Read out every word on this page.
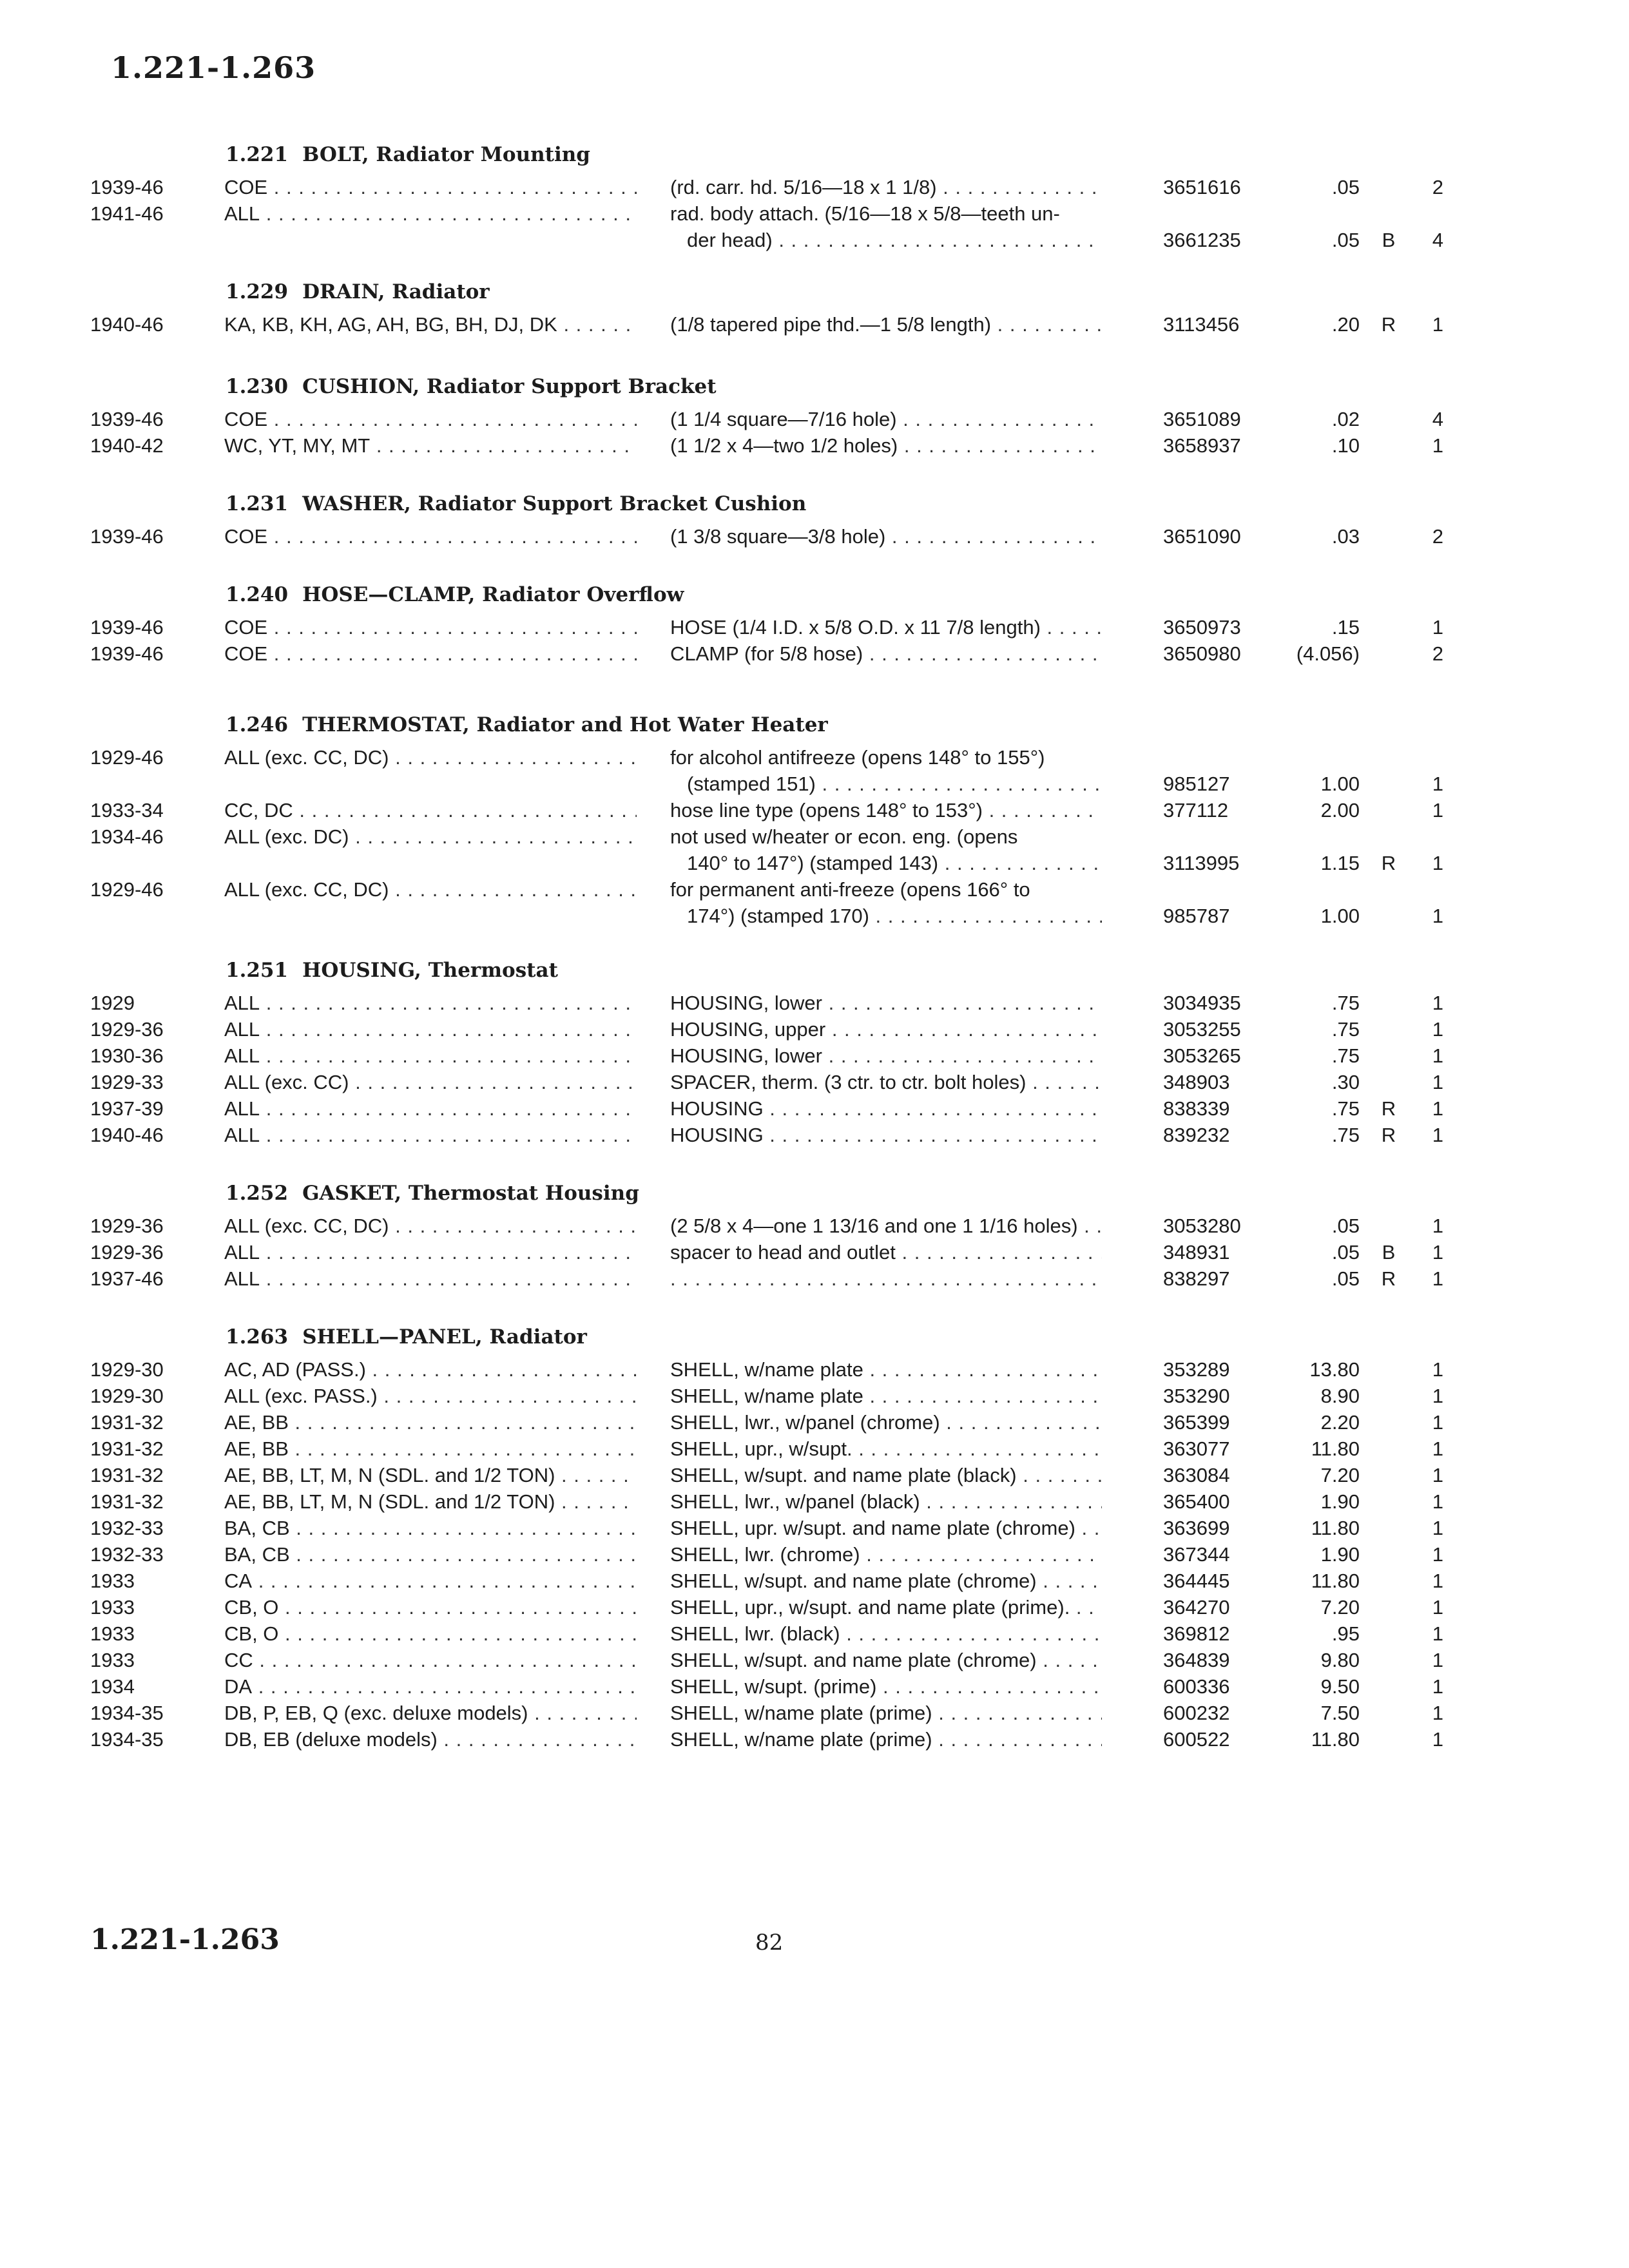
1.221-1.263
1.221 BOLT, Radiator Mounting
1939-46	COE . . .	(rd. carr. hd. 5/16—18 x 1 1/8) . . .	3651616	.05	2
1941-46	ALL . . .	rad. body attach. (5/16—18 x 5/8—teeth un-
der head) . . .	3661235	.05 B	4
1.229 DRAIN, Radiator
1940-46	KA, KB, KH, AG, AH, BG, BH, DJ, DK . . .	(1/8 tapered pipe thd.—1 5/8 length) . . .	3113456	.20 R	1
1.230 CUSHION, Radiator Support Bracket
1939-46	COE . . .	(1 1/4 square—7/16 hole) . . .	3651089	.02	4
1940-42	WC, YT, MY, MT . . .	(1 1/2 x 4—two 1/2 holes) . . .	3658937	.10	1
1.231 WASHER, Radiator Support Bracket Cushion
1939-46	COE . . .	(1 3/8 square—3/8 hole) . . .	3651090	.03	2
1.240 HOSE—CLAMP, Radiator Overflow
1939-46	COE . . .	HOSE (1/4 I.D. x 5/8 O.D. x 11 7/8 length) . . .	3650973	.15	1
1939-46	COE . . .	CLAMP (for 5/8 hose) . . .	3650980	(4.056)	2
1.246 THERMOSTAT, Radiator and Hot Water Heater
1929-46	ALL (exc. CC, DC) . . .	for alcohol antifreeze (opens 148° to 155°)
(stamped 151) . . .	985127	1.00	1
1933-34	CC, DC . . .	hose line type (opens 148° to 153°) . . .	377112	2.00	1
1934-46	ALL (exc. DC) . . .	not used w/heater or econ. eng. (opens
140° to 147°) (stamped 143) . . .	3113995	1.15 R	1
1929-46	ALL (exc. CC, DC) . . .	for permanent anti-freeze (opens 166° to
174°) (stamped 170) . . .	985787	1.00	1
1.251 HOUSING, Thermostat
1929	ALL . . .	HOUSING, lower . . .	3034935	.75	1
1929-36	ALL . . .	HOUSING, upper . . .	3053255	.75	1
1930-36	ALL . . .	HOUSING, lower . . .	3053265	.75	1
1929-33	ALL (exc. CC) . . .	SPACER, therm. (3 ctr. to ctr. bolt holes) . . .	348903	.30	1
1937-39	ALL . . .	HOUSING . . .	838339	.75 R	1
1940-46	ALL . . .	HOUSING . . .	839232	.75 R	1
1.252 GASKET, Thermostat Housing
1929-36	ALL (exc. CC, DC) . . .	(2 5/8 x 4—one 1 13/16 and one 1 1/16 holes) . . .	3053280	.05	1
1929-36	ALL . . .	spacer to head and outlet . . .	348931	.05 B	1
1937-46	ALL . . .
. . .	838297	.05 R	1
1.263 SHELL—PANEL, Radiator
1929-30	AC, AD (PASS.) . . .	SHELL, w/name plate . . .	353289	13.80	1
1929-30	ALL (exc. PASS.) . . .	SHELL, w/name plate . . .	353290	8.90	1
1931-32	AE, BB . . .	SHELL, lwr., w/panel (chrome) . . .	365399	2.20	1
1931-32	AE, BB . . .	SHELL, upr., w/supt. . . .	363077	11.80	1
1931-32	AE, BB, LT, M, N (SDL. and 1/2 TON) . . .	SHELL, w/supt. and name plate (black) . . .	363084	7.20	1
1931-32	AE, BB, LT, M, N (SDL. and 1/2 TON) . . .	SHELL, lwr., w/panel (black) . . .	365400	1.90	1
1932-33	BA, CB . . .	SHELL, upr. w/supt. and name plate (chrome) . . .	363699	11.80	1
1932-33	BA, CB . . .	SHELL, lwr. (chrome) . . .	367344	1.90	1
1933	CA . . .	SHELL, w/supt. and name plate (chrome) . . .	364445	11.80	1
1933	CB, O . . .	SHELL, upr., w/supt. and name plate (prime). . . .	364270	7.20	1
1933	CB, O . . .	SHELL, lwr. (black) . . .	369812	.95	1
1933	CC . . .	SHELL, w/supt. and name plate (chrome) . . .	364839	9.80	1
1934	DA . . .	SHELL, w/supt. (prime) . . .	600336	9.50	1
1934-35	DB, P, EB, Q (exc. deluxe models) . . .	SHELL, w/name plate (prime) . . .	600232	7.50	1
1934-35	DB, EB (deluxe models) . . .	SHELL, w/name plate (prime) . . .	600522	11.80	1
1.221-1.263	82
